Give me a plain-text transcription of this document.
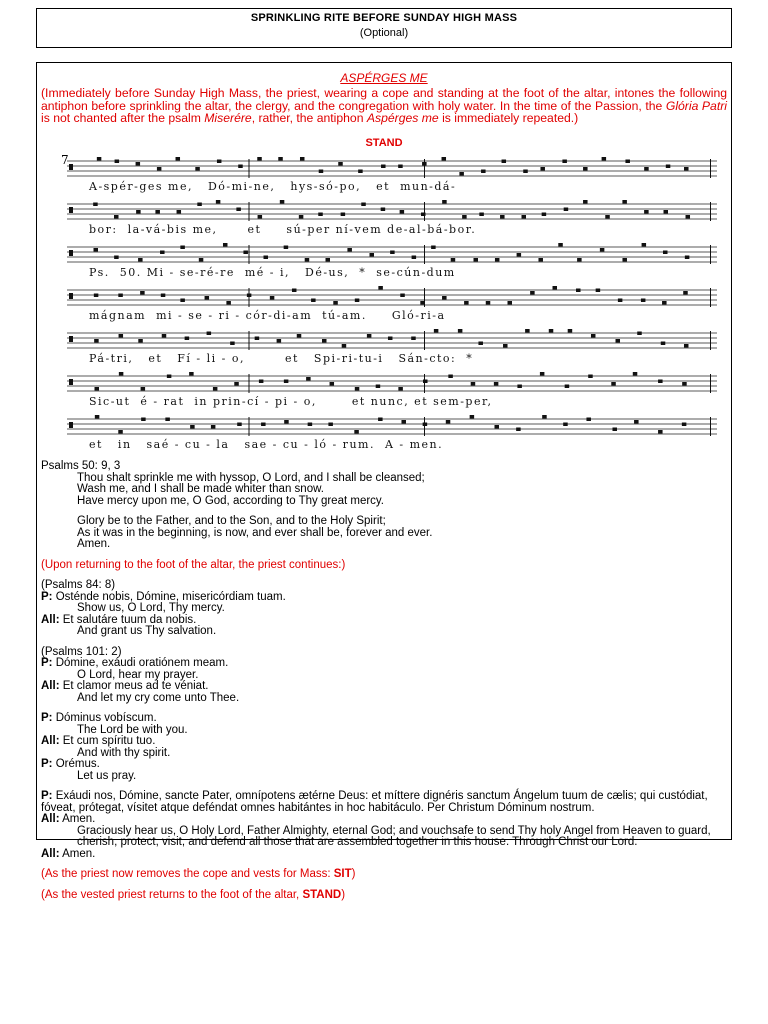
SPRINKLING RITE BEFORE SUNDAY HIGH MASS
(Optional)
ASPÉRGES ME
(Immediately before Sunday High Mass, the priest, wearing a cope and standing at the foot of the altar, intones the following antiphon before sprinkling the altar, the clergy, and the congregation with holy water. In the time of the Passion, the Glória Patri is not chanted after the psalm Miserére, rather, the antiphon Aspérges me is immediately repeated.)
STAND
7
A-spér-ges me,   Dó-mi-ne,   hys-só-po,   et  mun-dá-
bor:  la-vá-bis me,      et     sú-per ní-vem de-al-bá-bor.
Ps.  50. Mi - se-ré-re  mé - i,   Dé-us,  *  se-cún-dum
mágnam  mi - se - ri - cór-di-am  tú-am.     Gló-ri-a
Pá-tri,   et   Fí - li - o,        et   Spi-ri-tu-i   Sán-cto:  *
Sic-ut  é - rat  in prin-cí - pi - o,       et nunc, et sem-per,
et   in   saé - cu - la   sae - cu - ló - rum.  A - men.
Psalms 50: 9, 3
Thou shalt sprinkle me with hyssop, O Lord, and I shall be cleansed;
Wash me, and I shall be made whiter than snow.
Have mercy upon me, O God, according to Thy great mercy.
Glory be to the Father, and to the Son, and to the Holy Spirit;
As it was in the beginning, is now, and ever shall be, forever and ever.
Amen.
(Upon returning to the foot of the altar, the priest continues:)
(Psalms 84: 8)
P: Osténde nobis, Dómine, misericórdiam tuam.
Show us, O Lord, Thy mercy.
All: Et salutáre tuum da nobis.
And grant us Thy salvation.
(Psalms 101: 2)
P: Dómine, exáudi oratiónem meam.
O Lord, hear my prayer.
All: Et clamor meus ad te véniat.
And let my cry come unto Thee.
P: Dóminus vobíscum.
The Lord be with you.
All: Et cum spíritu tuo.
And with thy spirit.
P: Orémus.
Let us pray.
P: Exáudi nos, Dómine, sancte Pater, omnípotens ætérne Deus: et míttere dignéris sanctum Ángelum tuum de cælis; qui custódiat, fóveat, prótegat, vísitet atque deféndat omnes habitántes in hoc habitáculo. Per Christum Dóminum nostrum.
All: Amen.
Graciously hear us, O Holy Lord, Father Almighty, eternal God; and vouchsafe to send Thy holy Angel from Heaven to guard, cherish, protect, visit, and defend all those that are assembled together in this house. Through Christ our Lord.
All: Amen.
(As the priest now removes the cope and vests for Mass: SIT)
(As the vested priest returns to the foot of the altar, STAND)
